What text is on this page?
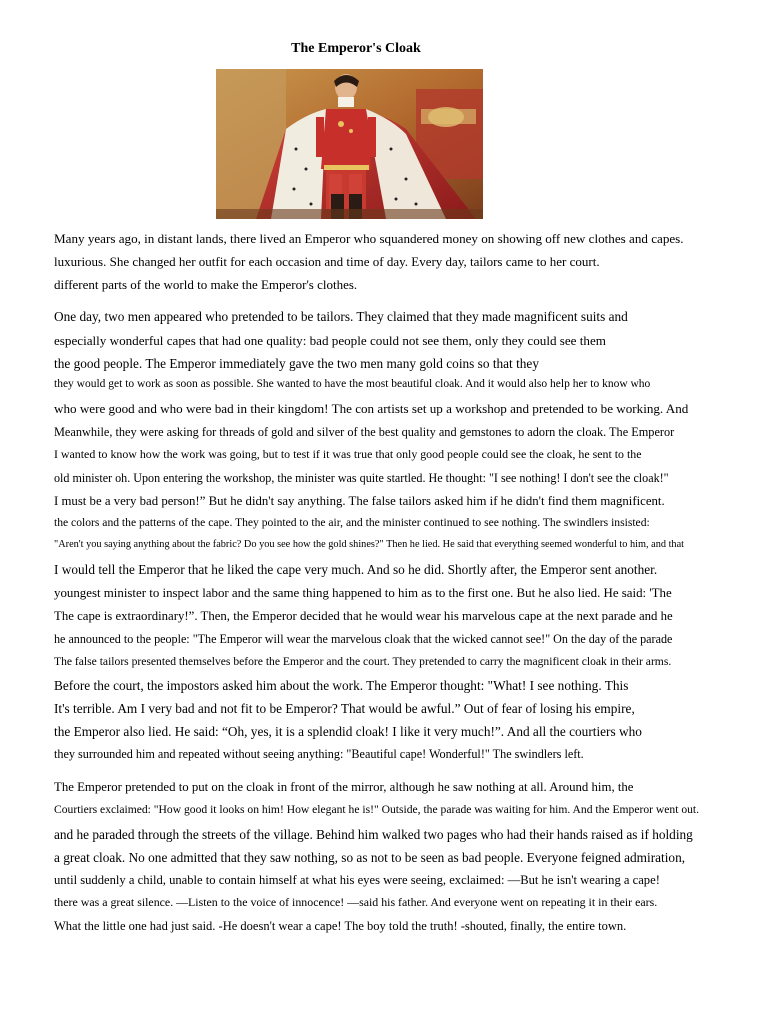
The Emperor's Cloak
Many years ago, in distant lands, there lived an Emperor who squandered money on showing off new clothes and capes.
luxurious. She changed her outfit for each occasion and time of day. Every day, tailors came to her court.
different parts of the world to make the Emperor's clothes.
One day, two men appeared who pretended to be tailors. They claimed that they made magnificent suits and
especially wonderful capes that had one quality: bad people could not see them, only they could see them
the good people. The Emperor immediately gave the two men many gold coins so that they
they would get to work as soon as possible. She wanted to have the most beautiful cloak. And it would also help her to know who
who were good and who were bad in their kingdom! The con artists set up a workshop and pretended to be working. And
Meanwhile, they were asking for threads of gold and silver of the best quality and gemstones to adorn the cloak. The Emperor
I wanted to know how the work was going, but to test if it was true that only good people could see the cloak, he sent to the
old minister oh. Upon entering the workshop, the minister was quite startled. He thought: "I see nothing! I don't see the cloak!"
I must be a very bad person!” But he didn't say anything. The false tailors asked him if he didn't find them magnificent.
the colors and the patterns of the cape. They pointed to the air, and the minister continued to see nothing. The swindlers insisted:
"Aren't you saying anything about the fabric? Do you see how the gold shines?" Then he lied. He said that everything seemed wonderful to him, and that
I would tell the Emperor that he liked the cape very much. And so he did. Shortly after, the Emperor sent another.
youngest minister to inspect labor and the same thing happened to him as to the first one. But he also lied. He said: 'The
The cape is extraordinary!”. Then, the Emperor decided that he would wear his marvelous cape at the next parade and he
he announced to the people: "The Emperor will wear the marvelous cloak that the wicked cannot see!" On the day of the parade
The false tailors presented themselves before the Emperor and the court. They pretended to carry the magnificent cloak in their arms.
Before the court, the impostors asked him about the work. The Emperor thought: "What! I see nothing. This
It's terrible. Am I very bad and not fit to be Emperor? That would be awful.” Out of fear of losing his empire,
the Emperor also lied. He said: “Oh, yes, it is a splendid cloak! I like it very much!”. And all the courtiers who
they surrounded him and repeated without seeing anything: "Beautiful cape! Wonderful!" The swindlers left.
The Emperor pretended to put on the cloak in front of the mirror, although he saw nothing at all. Around him, the
Courtiers exclaimed: "How good it looks on him! How elegant he is!" Outside, the parade was waiting for him. And the Emperor went out.
and he paraded through the streets of the village. Behind him walked two pages who had their hands raised as if holding
a great cloak. No one admitted that they saw nothing, so as not to be seen as bad people. Everyone feigned admiration,
until suddenly a child, unable to contain himself at what his eyes were seeing, exclaimed: —But he isn't wearing a cape!
there was a great silence. —Listen to the voice of innocence! —said his father. And everyone went on repeating it in their ears.
What the little one had just said. -He doesn't wear a cape! The boy told the truth! -shouted, finally, the entire town.
